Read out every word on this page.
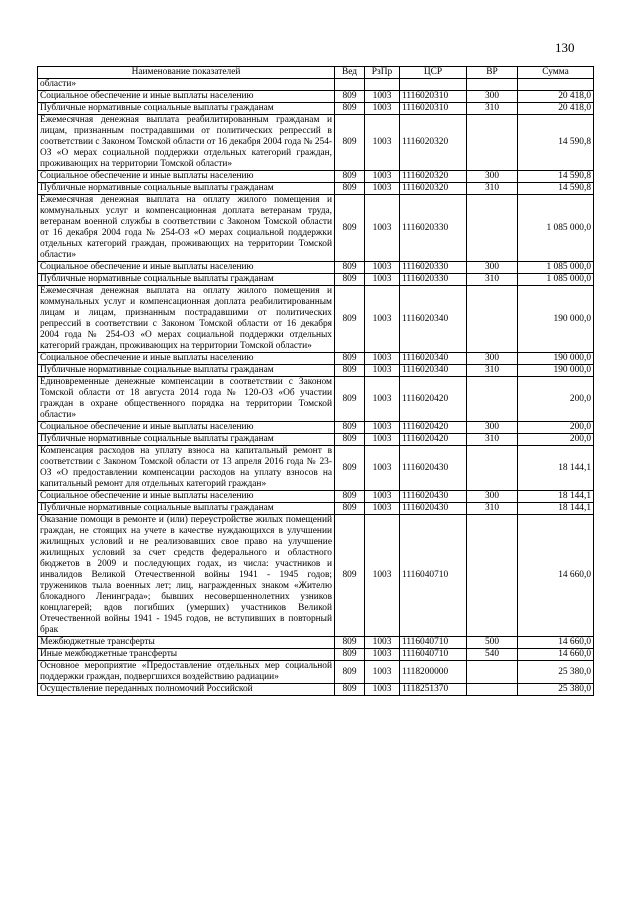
130
Наименование показателей	Вед	РзПр	ЦСР	ВР	Сумма
области»					
Социальное обеспечение и иные выплаты населению	809	1003	1116020310	300	20 418,0
Публичные нормативные социальные выплаты гражданам	809	1003	1116020310	310	20 418,0
Ежемесячная денежная выплата реабилитированным гражданам и лицам, признанным пострадавшими от политических репрессий в соответствии с Законом Томской области от 16 декабря 2004 года № 254-ОЗ «О мерах социальной поддержки отдельных категорий граждан, проживающих на территории Томской области»	809	1003	1116020320		14 590,8
Социальное обеспечение и иные выплаты населению	809	1003	1116020320	300	14 590,8
Публичные нормативные социальные выплаты гражданам	809	1003	1116020320	310	14 590,8
Ежемесячная денежная выплата на оплату жилого помещения и коммунальных услуг и компенсационная доплата ветеранам труда, ветеранам военной службы в соответствии с Законом Томской области от 16 декабря 2004 года № 254-ОЗ «О мерах социальной поддержки отдельных категорий граждан, проживающих на территории Томской области»	809	1003	1116020330		1 085 000,0
Социальное обеспечение и иные выплаты населению	809	1003	1116020330	300	1 085 000,0
Публичные нормативные социальные выплаты гражданам	809	1003	1116020330	310	1 085 000,0
Ежемесячная денежная выплата на оплату жилого помещения и коммунальных услуг и компенсационная доплата реабилитированным лицам и лицам, признанным пострадавшими от политических репрессий в соответствии с Законом Томской области от 16 декабря 2004 года № 254-ОЗ «О мерах социальной поддержки отдельных категорий граждан, проживающих на территории Томской области»	809	1003	1116020340		190 000,0
Социальное обеспечение и иные выплаты населению	809	1003	1116020340	300	190 000,0
Публичные нормативные социальные выплаты гражданам	809	1003	1116020340	310	190 000,0
Единовременные денежные компенсации в соответствии с Законом Томской области от 18 августа 2014 года № 120-ОЗ «Об участии граждан в охране общественного порядка на территории Томской области»	809	1003	1116020420		200,0
Социальное обеспечение и иные выплаты населению	809	1003	1116020420	300	200,0
Публичные нормативные социальные выплаты гражданам	809	1003	1116020420	310	200,0
Компенсация расходов на уплату взноса на капитальный ремонт в соответствии с Законом Томской области от 13 апреля 2016 года № 23-ОЗ «О предоставлении компенсации расходов на уплату взносов на капитальный ремонт для отдельных категорий граждан»	809	1003	1116020430		18 144,1
Социальное обеспечение и иные выплаты населению	809	1003	1116020430	300	18 144,1
Публичные нормативные социальные выплаты гражданам	809	1003	1116020430	310	18 144,1
Оказание помощи в ремонте и (или) переустройстве жилых помещений граждан, не стоящих на учете в качестве нуждающихся в улучшении жилищных условий и не реализовавших свое право на улучшение жилищных условий за счет средств федерального и областного бюджетов в 2009 и последующих годах, из числа: участников и инвалидов Великой Отечественной войны 1941 - 1945 годов; тружеников тыла военных лет; лиц, награжденных знаком «Жителю блокадного Ленинграда»; бывших несовершеннолетних узников концлагерей; вдов погибших (умерших) участников Великой Отечественной войны 1941 - 1945 годов, не вступивших в повторный брак	809	1003	1116040710		14 660,0
Межбюджетные трансферты	809	1003	1116040710	500	14 660,0
Иные межбюджетные трансферты	809	1003	1116040710	540	14 660,0
Основное мероприятие «Предоставление отдельных мер социальной поддержки граждан, подвергшихся воздействию радиации»	809	1003	1118200000		25 380,0
Осуществление переданных полномочий Российской	809	1003	1118251370		25 380,0
